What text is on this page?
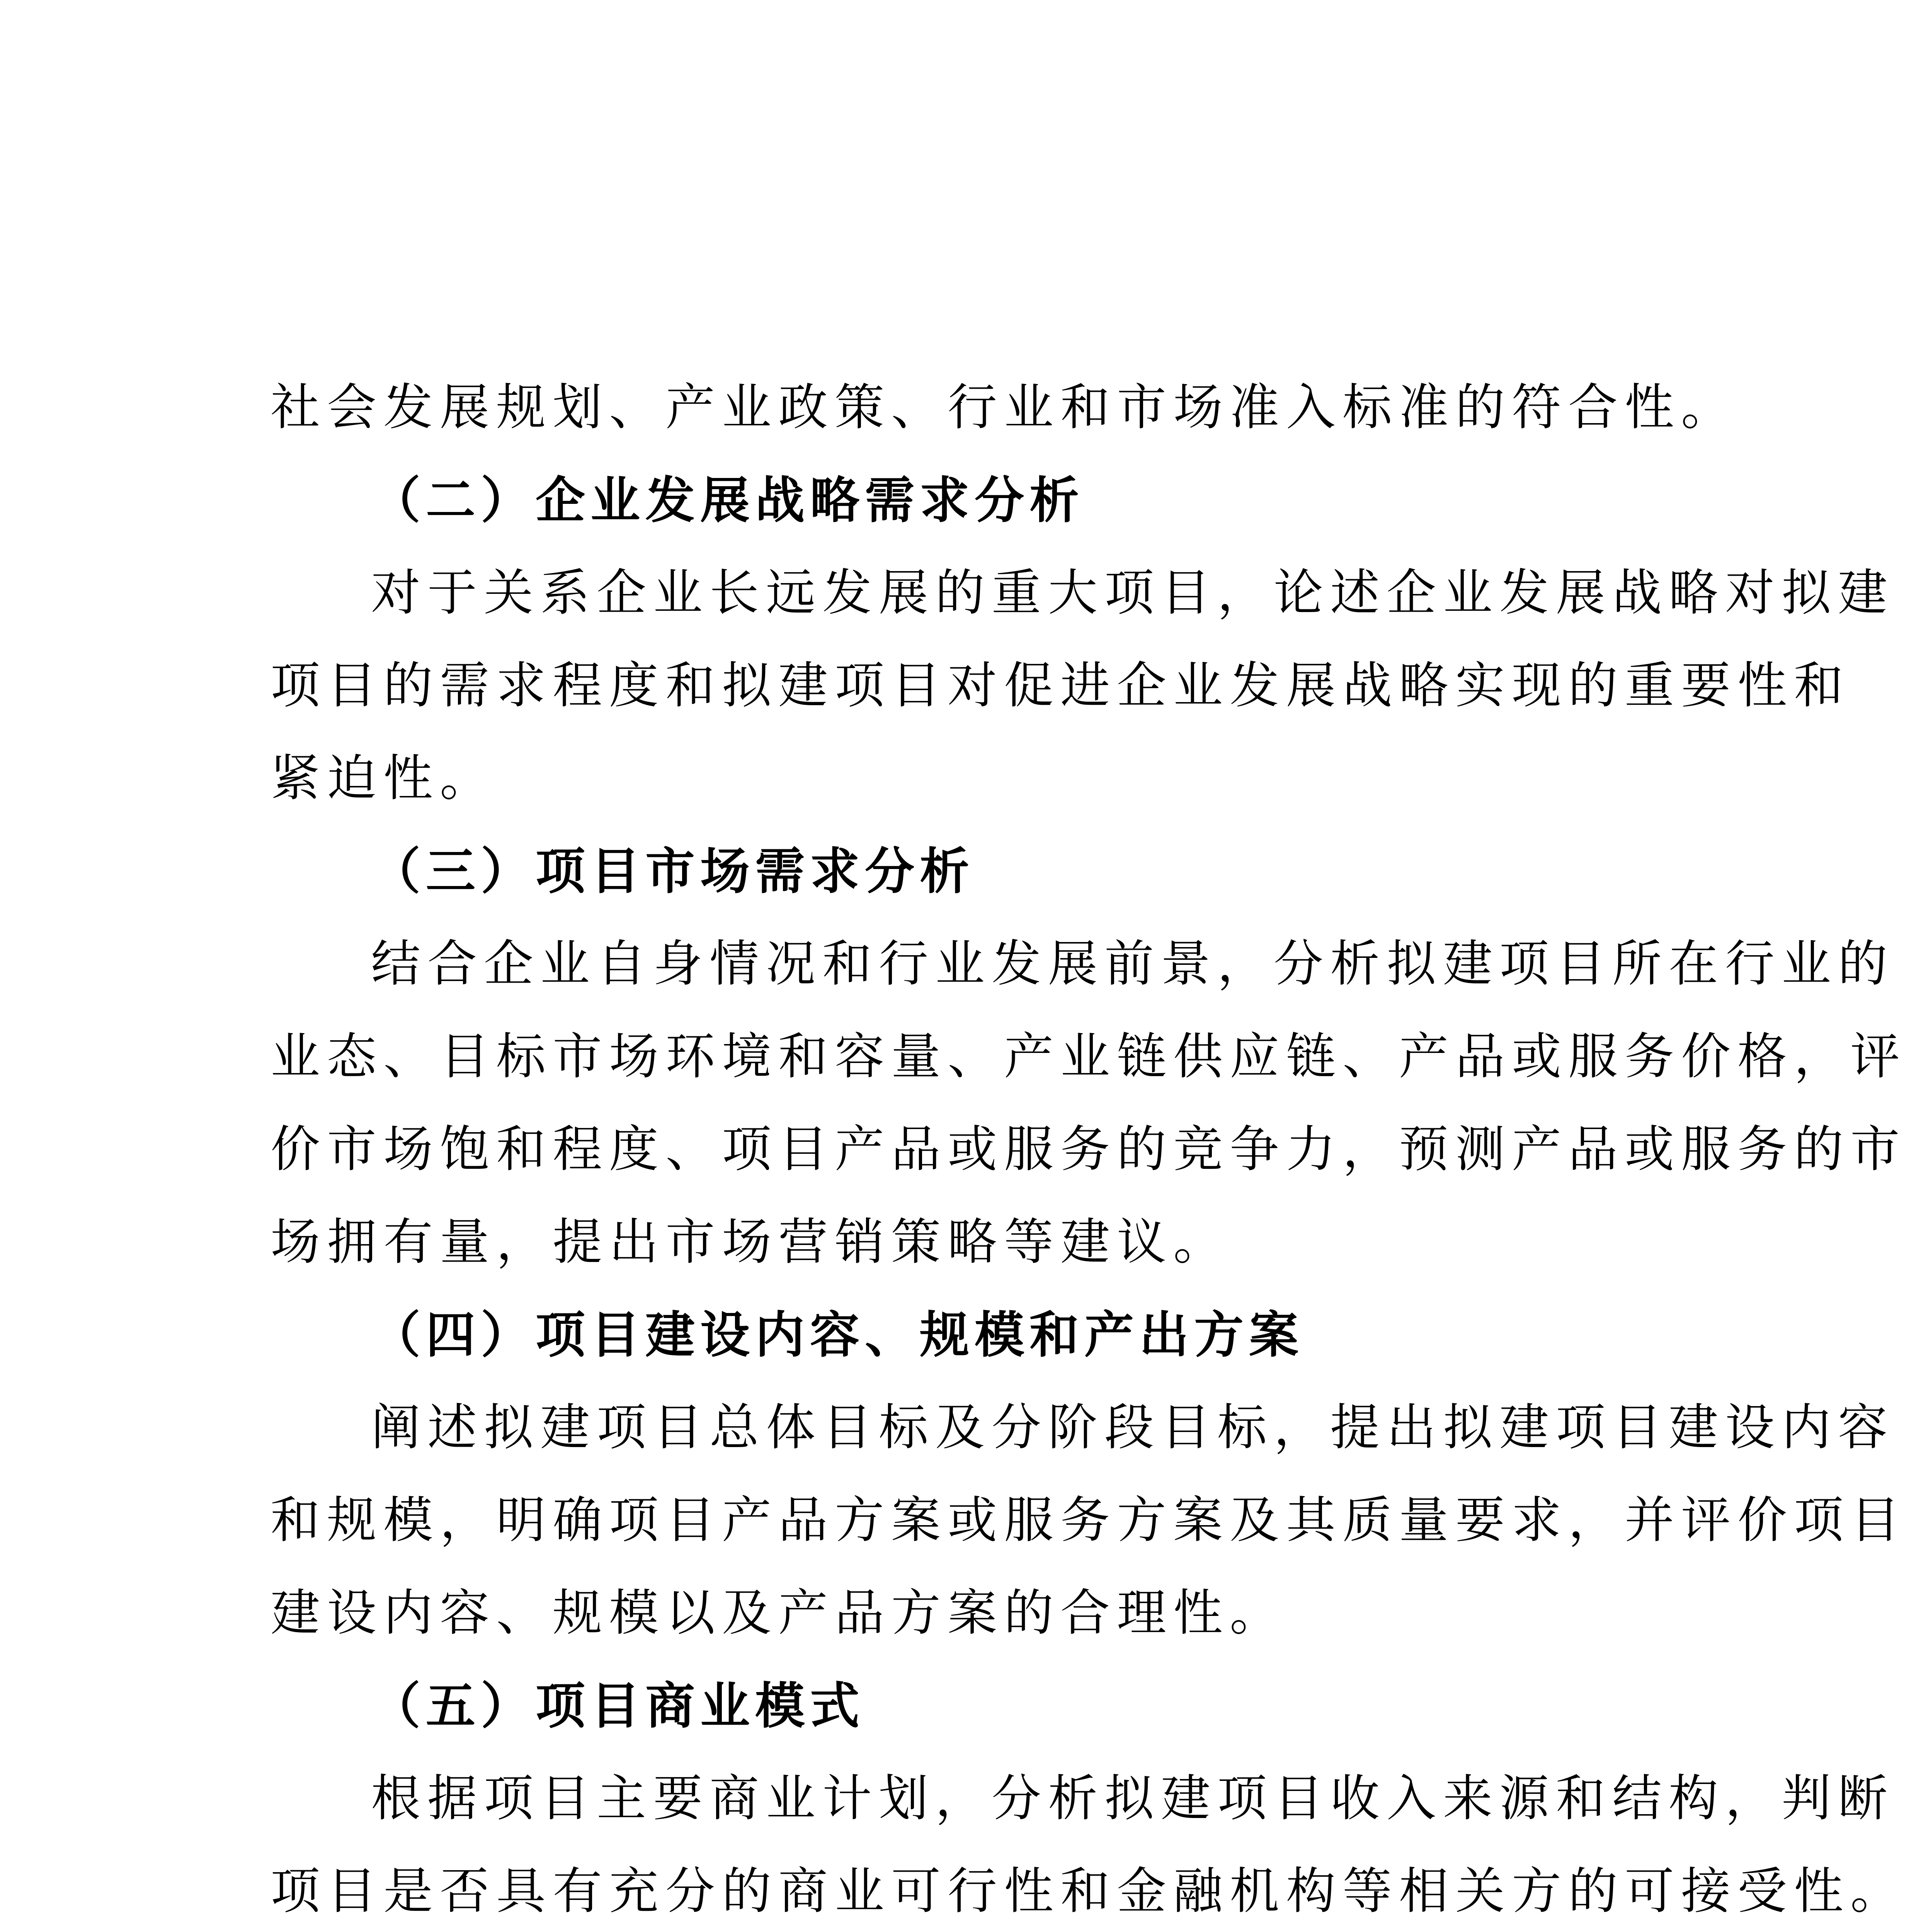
社会发展规划、产业政策、行业和市场准入标准的符合性。
（二）企业发展战略需求分析
对于关系企业长远发展的重大项目，论述企业发展战略对拟建
项目的需求程度和拟建项目对促进企业发展战略实现的重要性和
紧迫性。
（三）项目市场需求分析
结合企业自身情况和行业发展前景，分析拟建项目所在行业的
业态、目标市场环境和容量、产业链供应链、产品或服务价格，评
价市场饱和程度、项目产品或服务的竞争力，预测产品或服务的市
场拥有量，提出市场营销策略等建议。
（四）项目建设内容、规模和产出方案
阐述拟建项目总体目标及分阶段目标，提出拟建项目建设内容
和规模，明确项目产品方案或服务方案及其质量要求，并评价项目
建设内容、规模以及产品方案的合理性。
（五）项目商业模式
根据项目主要商业计划，分析拟建项目收入来源和结构，判断
项目是否具有充分的商业可行性和金融机构等相关方的可接受性。
